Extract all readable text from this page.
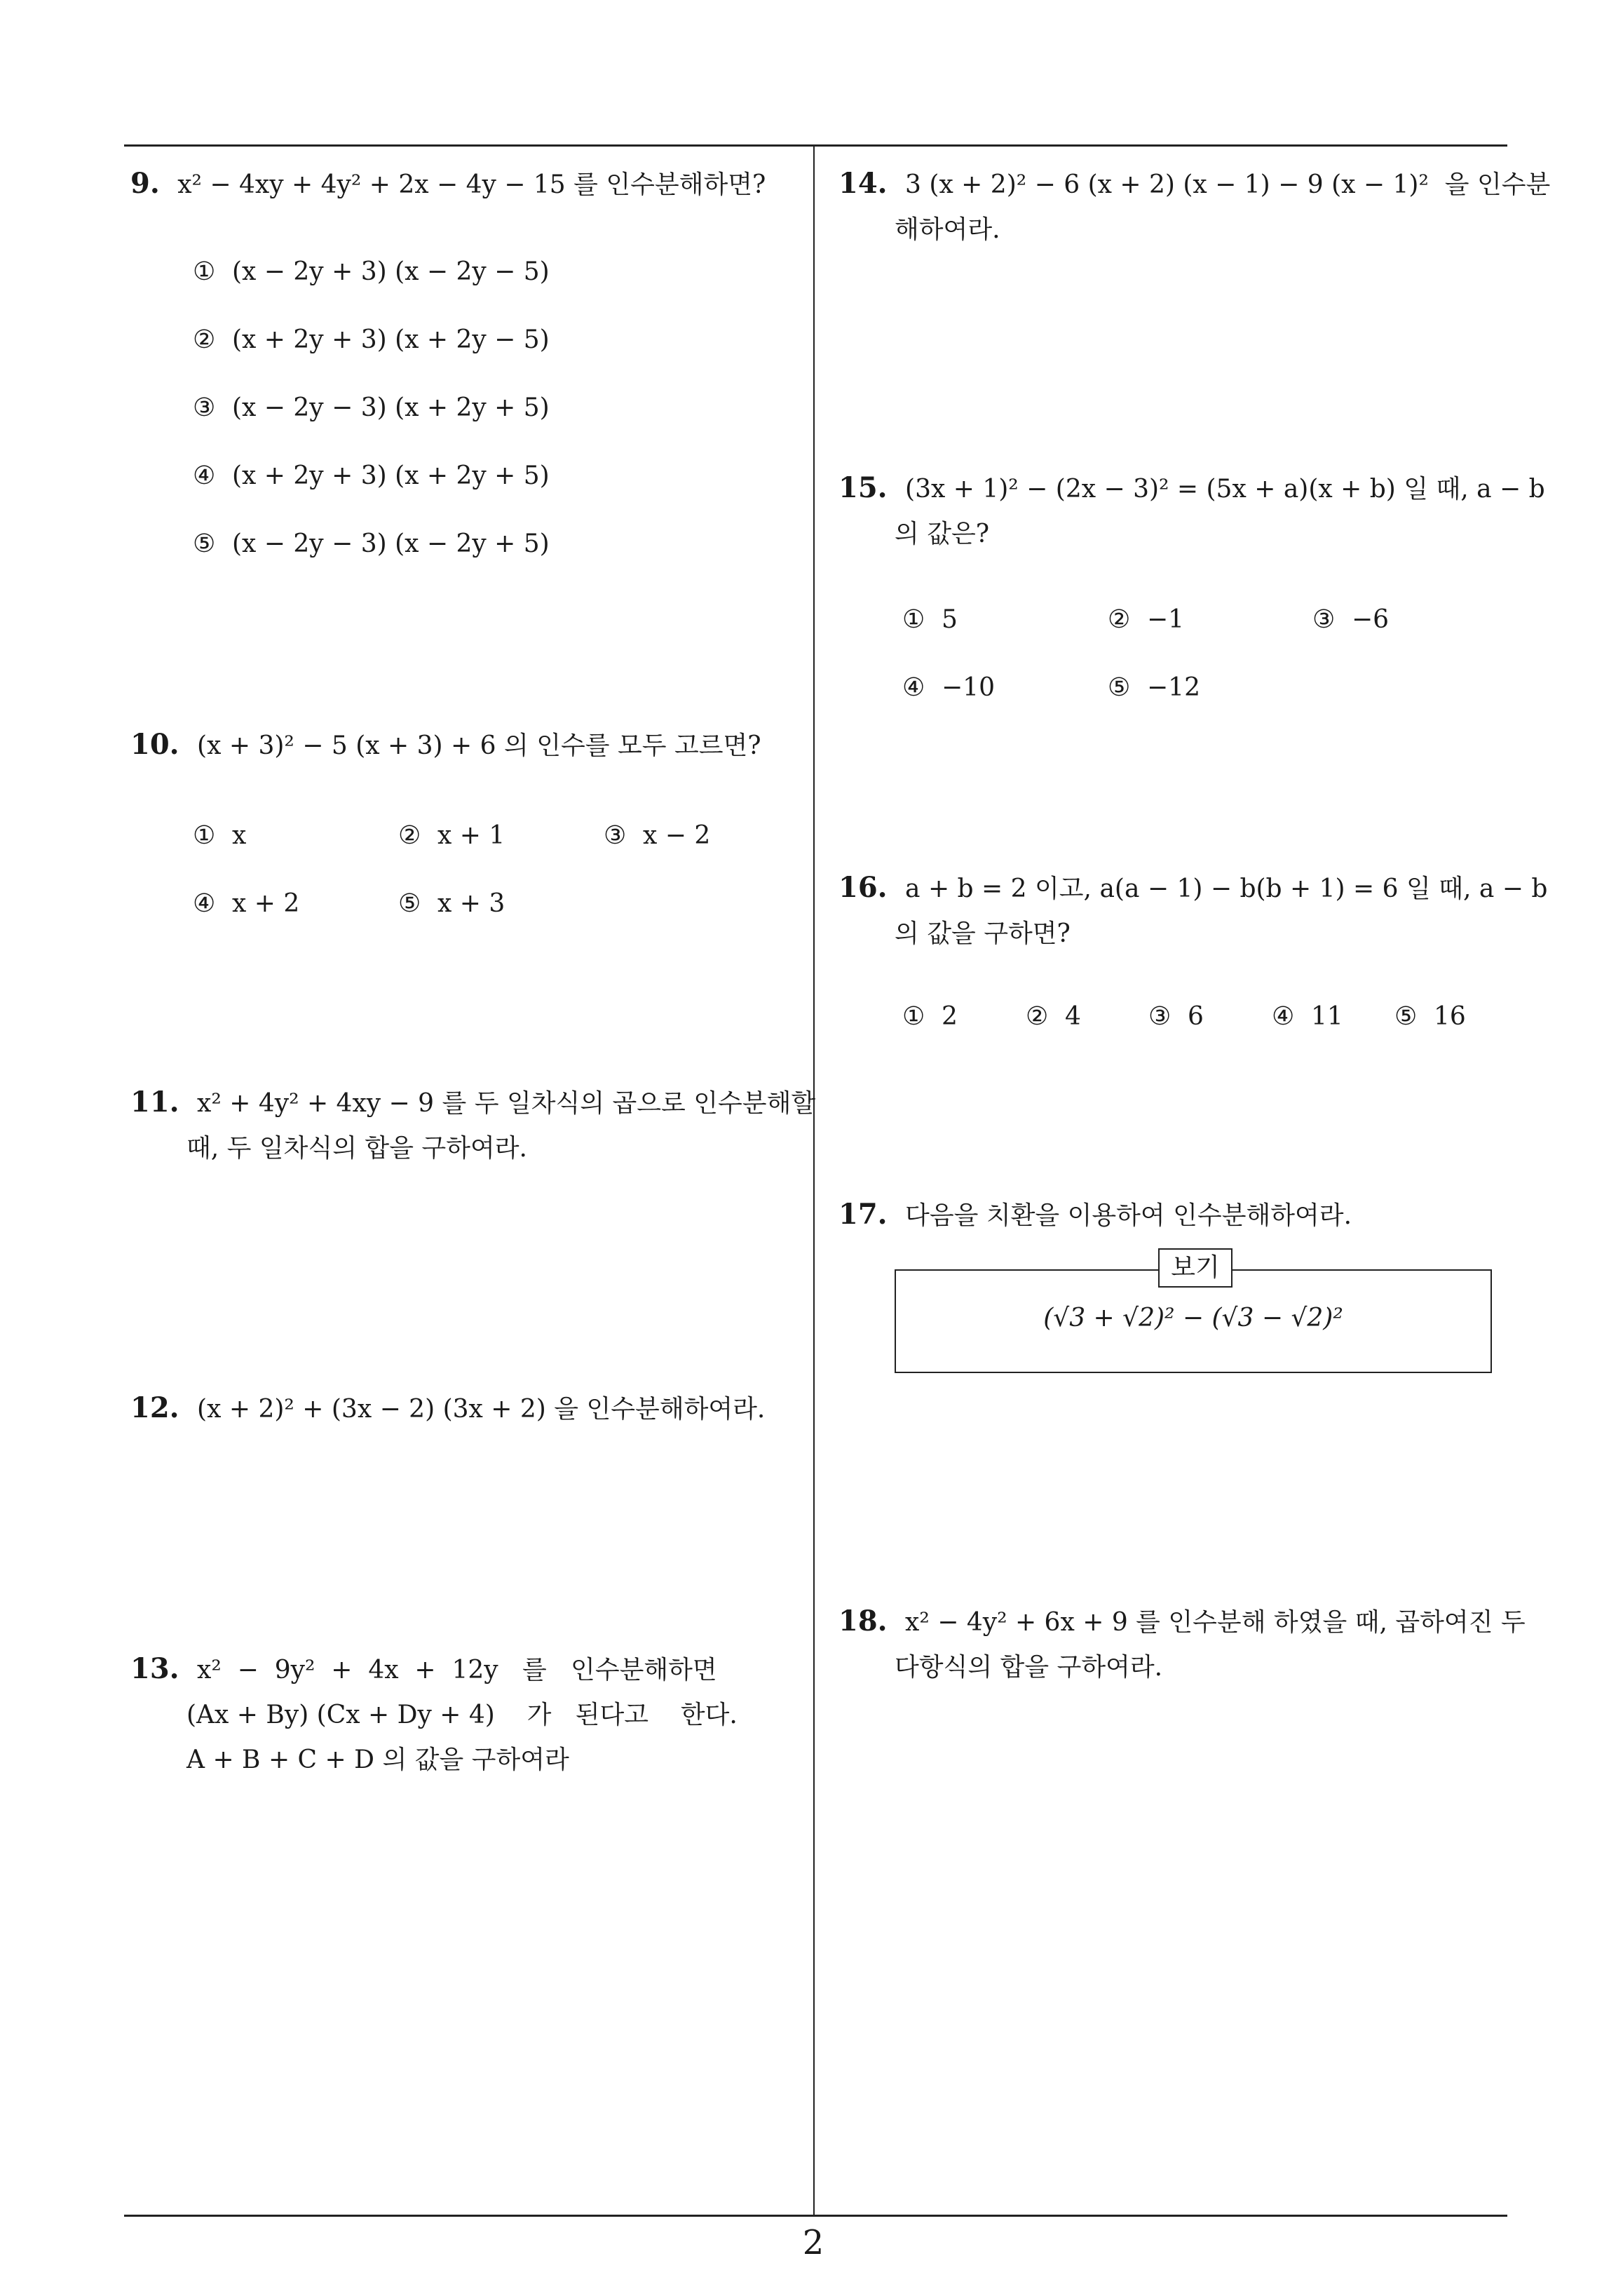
9. x² − 4xy + 4y² + 2x − 4y − 15 를 인수분해하면?
① (x − 2y + 3) (x − 2y − 5)
② (x + 2y + 3) (x + 2y − 5)
③ (x − 2y − 3) (x + 2y + 5)
④ (x + 2y + 3) (x + 2y + 5)
⑤ (x − 2y − 3) (x − 2y + 5)
10. (x + 3)² − 5 (x + 3) + 6 의 인수를 모두 고르면?
① x	② x + 1	③ x − 2
④ x + 2	⑤ x + 3
11. x² + 4y² + 4xy − 9 를 두 일차식의 곱으로 인수분해할
때, 두 일차식의 합을 구하여라.
12. (x + 2)² + (3x − 2) (3x + 2) 을 인수분해하여라.
13. x²  −  9y²  +  4x  +  12y   를   인수분해하면
(Ax + By) (Cx + Dy + 4)    가   된다고    한다.
A + B + C + D 의 값을 구하여라
14. 3 (x + 2)² − 6 (x + 2) (x − 1) − 9 (x − 1)²  을 인수분
해하여라.
15. (3x + 1)² − (2x − 3)² = (5x + a)(x + b) 일 때, a − b
의 값은?
① 5	② −1	③ −6
④ −10	⑤ −12
16. a + b = 2 이고, a(a − 1) − b(b + 1) = 6 일 때, a − b
의 값을 구하면?
① 2	② 4	③ 6	④ 11 ⑤ 16
17. 다음을 치환을 이용하여 인수분해하여라.
보기
(√3 + √2)² − (√3 − √2)²
18. x² − 4y² + 6x + 9 를 인수분해 하였을 때, 곱하여진 두
다항식의 합을 구하여라.
2
